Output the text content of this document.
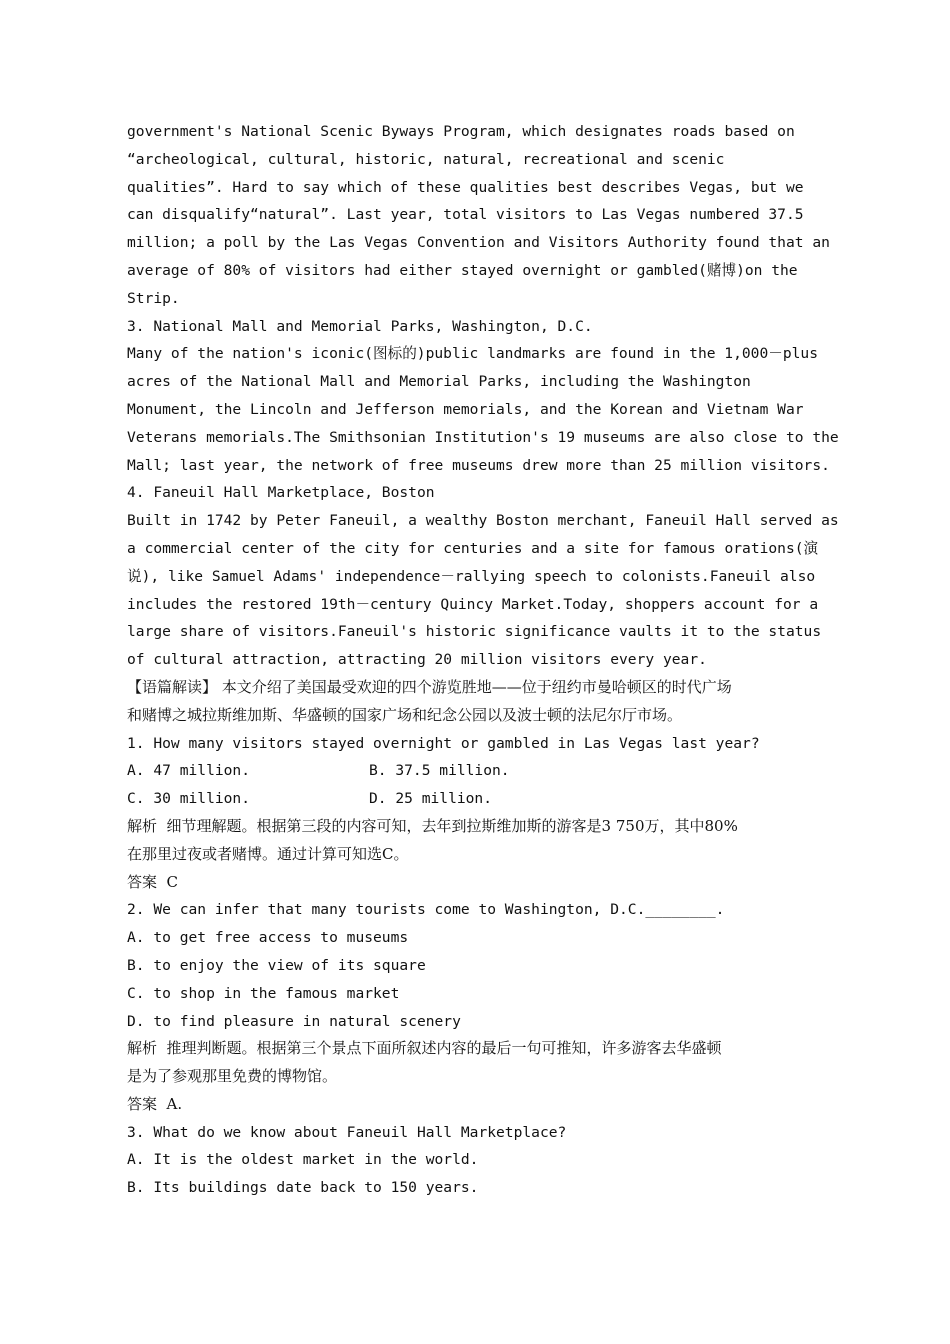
government's National Scenic Byways Program, which designates roads based on
“archeological, cultural, historic, natural, recreational and scenic
qualities”. Hard to say which of these qualities best describes Vegas, but we
can disqualify“natural”. Last year, total visitors to Las Vegas numbered 37.5
million; a poll by the Las Vegas Convention and Visitors Authority found that an
average of 80% of visitors had either stayed overnight or gambled(赌博)on the
Strip.
3. National Mall and Memorial Parks, Washington, D.C.
Many of the nation's iconic(图标的)public landmarks are found in the 1,000－plus
acres of the National Mall and Memorial Parks, including the Washington
Monument, the Lincoln and Jefferson memorials, and the Korean and Vietnam War
Veterans memorials.The Smithsonian Institution's 19 museums are also close to the
Mall; last year, the network of free museums drew more than 25 million visitors.
4. Faneuil Hall Marketplace, Boston
Built in 1742 by Peter Faneuil, a wealthy Boston merchant, Faneuil Hall served as
a commercial center of the city for centuries and a site for famous orations(演
说), like Samuel Adams' independence－rallying speech to colonists.Faneuil also
includes the restored 19th－century Quincy Market.Today, shoppers account for a
large share of visitors.Faneuil's historic significance vaults it to the status
of cultural attraction, attracting 20 million visitors every year.
【语篇解读】 本文介绍了美国最受欢迎的四个游览胜地——位于纽约市曼哈顿区的时代广场
和赌博之城拉斯维加斯、华盛顿的国家广场和纪念公园以及波士顿的法尼尔厅市场。
1. How many visitors stayed overnight or gambled in Las Vegas last year?
A. 47 million.	B. 37.5 million.
C. 30 million.	D. 25 million.
解析  细节理解题。根据第三段的内容可知，去年到拉斯维加斯的游客是3 750万，其中80%
在那里过夜或者赌博。通过计算可知选C。
答案  C
2. We can infer that many tourists come to Washington, D.C.________.
A. to get free access to museums
B. to enjoy the view of its square
C. to shop in the famous market
D. to find pleasure in natural scenery
解析  推理判断题。根据第三个景点下面所叙述内容的最后一句可推知，许多游客去华盛顿
是为了参观那里免费的博物馆。
答案  A.
3. What do we know about Faneuil Hall Marketplace?
A. It is the oldest market in the world.
B. Its buildings date back to 150 years.
